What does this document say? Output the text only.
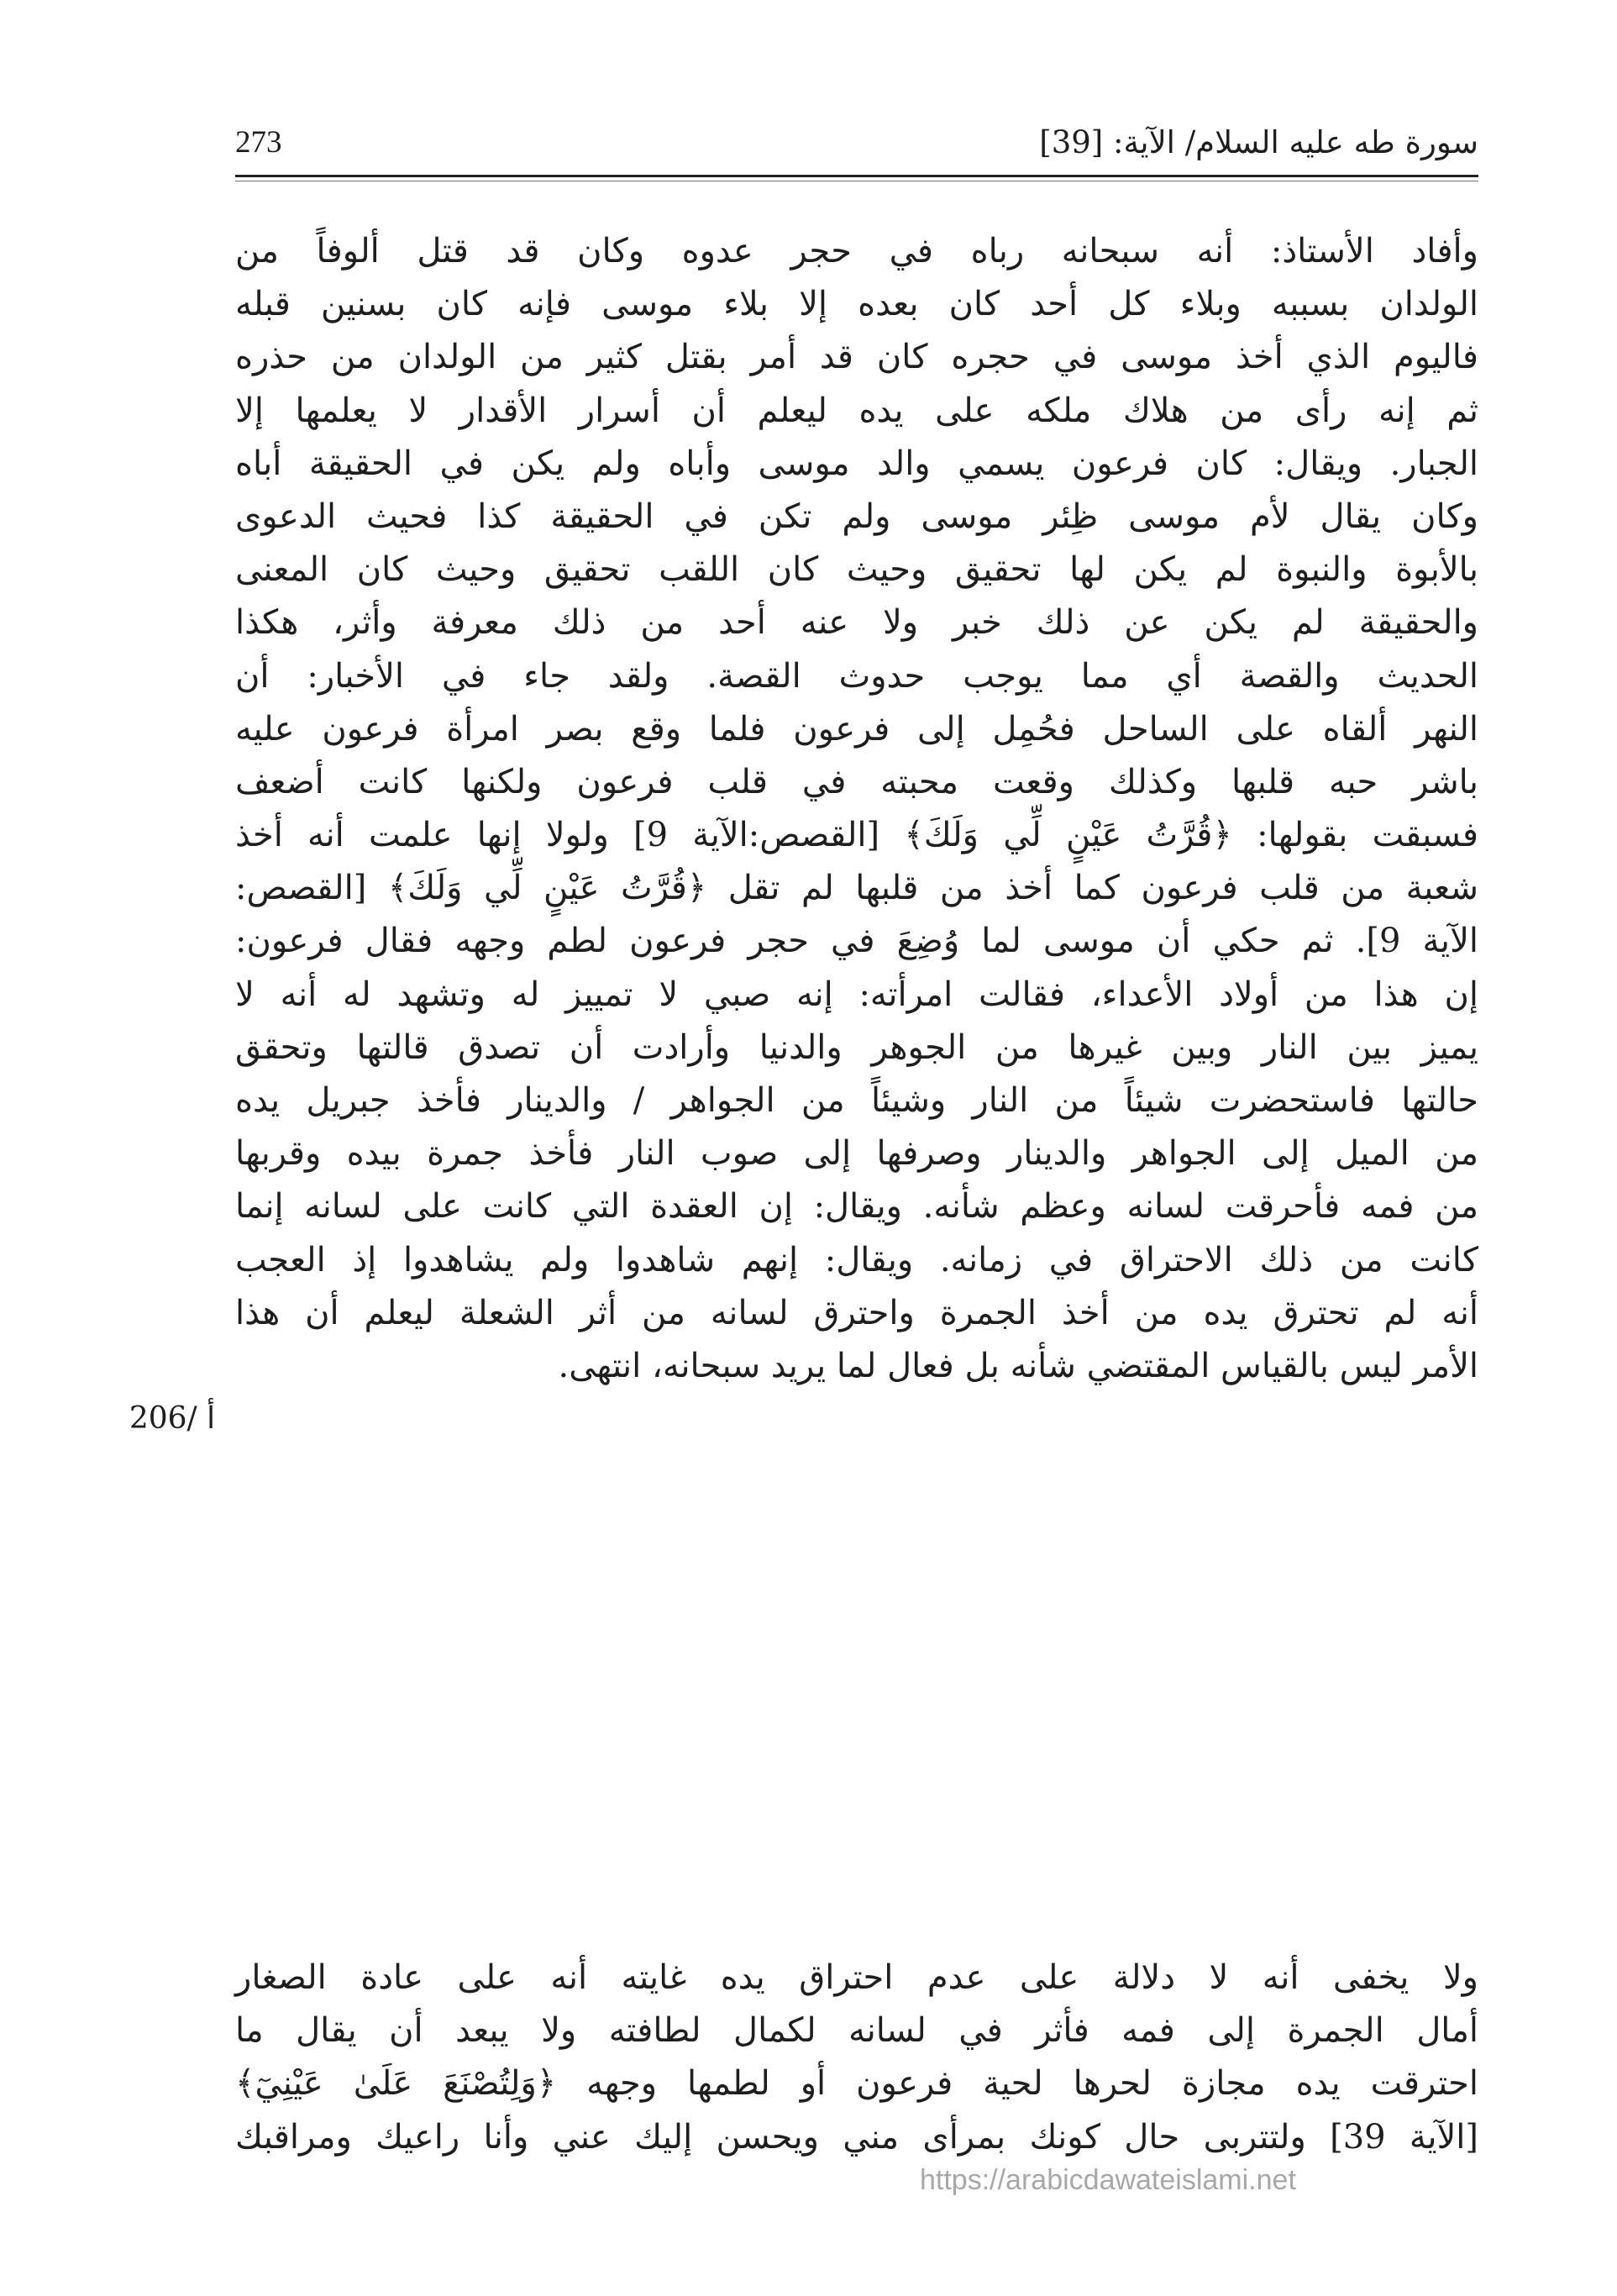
سورة طه عليه السلام/ الآية: [39]
273
وأفاد الأستاذ: أنه سبحانه رباه في حجر عدوه وكان قد قتل ألوفاً من
الولدان بسببه وبلاء كل أحد كان بعده إلا بلاء موسى فإنه كان بسنين قبله
فاليوم الذي أخذ موسى في حجره كان قد أمر بقتل كثير من الولدان من حذره
ثم إنه رأى من هلاك ملكه على يده ليعلم أن أسرار الأقدار لا يعلمها إلا
الجبار. ويقال: كان فرعون يسمي والد موسى وأباه ولم يكن في الحقيقة أباه
وكان يقال لأم موسى ظِئر موسى ولم تكن في الحقيقة كذا فحيث الدعوى
بالأبوة والنبوة لم يكن لها تحقيق وحيث كان اللقب تحقيق وحيث كان المعنى
والحقيقة لم يكن عن ذلك خبر ولا عنه أحد من ذلك معرفة وأثر، هكذا
الحديث والقصة أي مما يوجب حدوث القصة. ولقد جاء في الأخبار: أن
النهر ألقاه على الساحل فحُمِل إلى فرعون فلما وقع بصر امرأة فرعون عليه
باشر حبه قلبها وكذلك وقعت محبته في قلب فرعون ولكنها كانت أضعف
فسبقت بقولها: ﴿قُرَّتُ عَيْنٍ لِّي وَلَكَ﴾ [القصص:الآية 9] ولولا إنها علمت أنه أخذ
شعبة من قلب فرعون كما أخذ من قلبها لم تقل ﴿قُرَّتُ عَيْنٍ لِّي وَلَكَ﴾ [القصص:
الآية 9]. ثم حكي أن موسى لما وُضِعَ في حجر فرعون لطم وجهه فقال فرعون:
إن هذا من أولاد الأعداء، فقالت امرأته: إنه صبي لا تمييز له وتشهد له أنه لا
يميز بين النار وبين غيرها من الجوهر والدنيا وأرادت أن تصدق قالتها وتحقق
حالتها فاستحضرت شيئاً من النار وشيئاً من الجواهر / والدينار فأخذ جبريل يده
من الميل إلى الجواهر والدينار وصرفها إلى صوب النار فأخذ جمرة بيده وقربها
من فمه فأحرقت لسانه وعظم شأنه. ويقال: إن العقدة التي كانت على لسانه إنما
كانت من ذلك الاحتراق في زمانه. ويقال: إنهم شاهدوا ولم يشاهدوا إذ العجب
أنه لم تحترق يده من أخذ الجمرة واحترق لسانه من أثر الشعلة ليعلم أن هذا
الأمر ليس بالقياس المقتضي شأنه بل فعال لما يريد سبحانه، انتهى.
206/ أ
ولا يخفى أنه لا دلالة على عدم احتراق يده غايته أنه على عادة الصغار
أمال الجمرة إلى فمه فأثر في لسانه لكمال لطافته ولا يبعد أن يقال ما
احترقت يده مجازة لحرها لحية فرعون أو لطمها وجهه ﴿وَلِتُصْنَعَ عَلَىٰ عَيْنِيٓ﴾
[الآية 39] ولتتربى حال كونك بمرأى مني ويحسن إليك عني وأنا راعيك ومراقبك
https://arabicdawateislami.net
